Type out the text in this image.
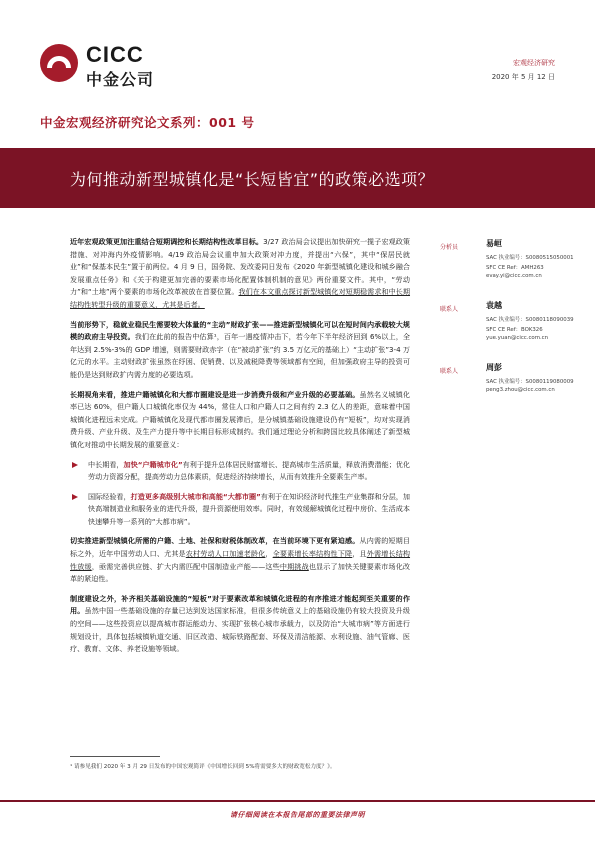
CICC
中金公司
宏观经济研究
2020 年 5 月 12 日
中金宏观经济研究论文系列：001 号
为何推动新型城镇化是“长短皆宜”的政策必选项？

近年宏观政策更加注重结合短期调控和长期结构性改革目标。3/27 政治局会议提出加快研究一揽子宏观政策措施、对冲海内外疫情影响。4/19 政治局会议重申加大政策对冲力度，并提出“六保”，其中“保居民就业”和“保基本民生”置于前两位。4 月 9 日，国务院、发改委同日发布《2020 年新型城镇化建设和城乡融合发展重点任务》和《关于构建更加完善的要素市场化配置体制机制的意见》两份重要文件。其中，“劳动力”和“土地”两个要素的市场化改革被放在首要位置。我们在本文重点探讨新型城镇化对短期稳需求和中长期结构性转型升级的重要意义，尤其是后者。

当前形势下，稳就业稳民生需要较大体量的“主动”财政扩张——推进新型城镇化可以在短时间内承载较大规模的政府主导投资。我们在此前的报告中估算¹，百年一遇疫情冲击下，若今年下半年经济回到 6%以上，全年达到 2.5%-3%的 GDP 增速，则需要财政赤字（在“被动扩张”约 3.5 万亿元的基础上）“主动扩张”3-4 万亿元的水平。主动财政扩张虽然在纾困、促销费、以及减税降费等领域都有空间，但加强政府主导的投资可能仍是达到财政扩内需力度的必要选项。

长期视角来看，推进户籍城镇化和大都市圈建设是进一步消费升级和产业升级的必要基础。虽然名义城镇化率已达 60%，但户籍人口城镇化率仅为 44%，常住人口和户籍人口之间有约 2.3 亿人的差距，意味着中国城镇化进程远未完成。户籍城镇化及现代都市圈发展滞后，是分城镇基础设施建设仍有“短板”，均对实现消费升级、产业升级、及生产力提升等中长期目标形成制约。我们通过理论分析和跨国比较具体阐述了新型城镇化对推动中长期发展的重要意义：

中长期看，加快“户籍城市化”有利于提升总体居民财富增长、提高城市生活质量，释放消费潜能；优化劳动力资源分配，提高劳动力总体素质，促进经济持续增长，从而有效推升全要素生产率。

国际经验看，打造更多高级别大城市和高能“大都市圈”有利于在知识经济时代推生产业集群和分层，加快高端制造业和服务业的进代升级，提升资源使用效率。同时，有效缓解城镇化过程中房价、生活成本快速攀升等一系列的“大都市病”。

切实推进新型城镇化所需的户籍、土地、社保和财税体制改革，在当前环境下更有紧迫感。从内需的短期目标之外，近年中国劳动人口、尤其是农村劳动人口加速老龄化，全要素增长率结构性下降，且外需增长结构性放缓，亟需完善供应链、扩大内需匹配中国制造业产能——这些中期挑战也显示了加快关键要素市场化改革的紧迫性。

制度建设之外，补齐相关基础设施的“短板”对于要素改革和城镇化进程的有序推进才能起到至关重要的作用。虽然中国一些基础设施的存量已达到发达国家标准，但很多传统意义上的基础设施仍有较大投资及升级的空间——这些投资应以提高城市群运能动力、实现扩张核心城市承载力，以及防治“大城市病”等方面进行规划设计，具体包括城镇轨道交通、旧区改造、城际铁路配套、环保及清洁能源、水利设施、油气管廊、医疗、教育、文体、养老设施等领域。

分析员	易峘
SAC 执业编号：S0080515050001
SFC CE Ref：AMH263
evay.yi@cicc.com.cn
联系人	袁越
SAC 执业编号：S0080118090039
SFC CE Ref：BOK326
yue.yuan@cicc.com.cn
联系人	周彭
SAC 执业编号：S0080119080009
peng3.zhou@cicc.com.cn
¹ 请参见我们 2020 年 3 月 29 日发布的中国宏观简评《中国增长回到 5%将需要多大的财政宽松力度？》。
请仔细阅读在本报告尾部的重要法律声明
